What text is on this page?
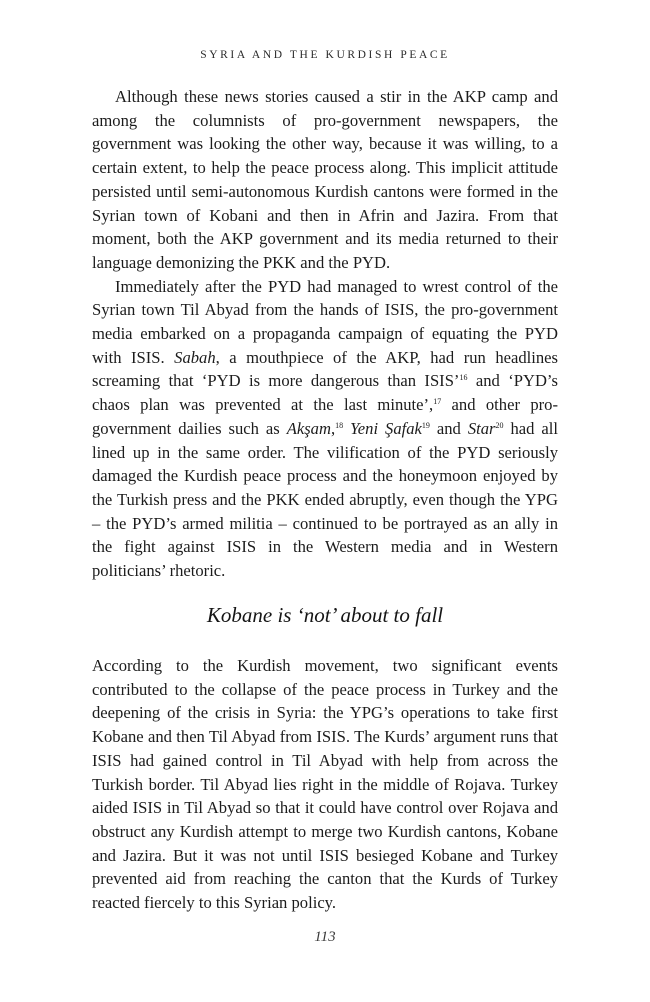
SYRIA AND THE KURDISH PEACE

Although these news stories caused a stir in the AKP camp and among the columnists of pro-government newspapers, the government was looking the other way, because it was willing, to a certain extent, to help the peace process along. This implicit attitude persisted until semi-autonomous Kurdish cantons were formed in the Syrian town of Kobani and then in Afrin and Jazira. From that moment, both the AKP government and its media returned to their language demonizing the PKK and the PYD.

Immediately after the PYD had managed to wrest control of the Syrian town Til Abyad from the hands of ISIS, the pro-government media embarked on a propaganda campaign of equating the PYD with ISIS. Sabah, a mouthpiece of the AKP, had run headlines screaming that ‘PYD is more dangerous than ISIS’$^{16}$ and ‘PYD’s chaos plan was prevented at the last minute’,$^{17}$ and other pro-government dailies such as Akşam,$^{18}$ Yeni Şafak$^{19}$ and Star$^{20}$ had all lined up in the same order. The vilification of the PYD seriously damaged the Kurdish peace process and the honeymoon enjoyed by the Turkish press and the PKK ended abruptly, even though the YPG – the PYD’s armed militia – continued to be portrayed as an ally in the fight against ISIS in the Western media and in Western politicians’ rhetoric.

Kobane is ‘not’ about to fall

According to the Kurdish movement, two significant events contributed to the collapse of the peace process in Turkey and the deepening of the crisis in Syria: the YPG’s operations to take first Kobane and then Til Abyad from ISIS. The Kurds’ argument runs that ISIS had gained control in Til Abyad with help from across the Turkish border. Til Abyad lies right in the middle of Rojava. Turkey aided ISIS in Til Abyad so that it could have control over Rojava and obstruct any Kurdish attempt to merge two Kurdish cantons, Kobane and Jazira. But it was not until ISIS besieged Kobane and Turkey prevented aid from reaching the canton that the Kurds of Turkey reacted fiercely to this Syrian policy.

113
